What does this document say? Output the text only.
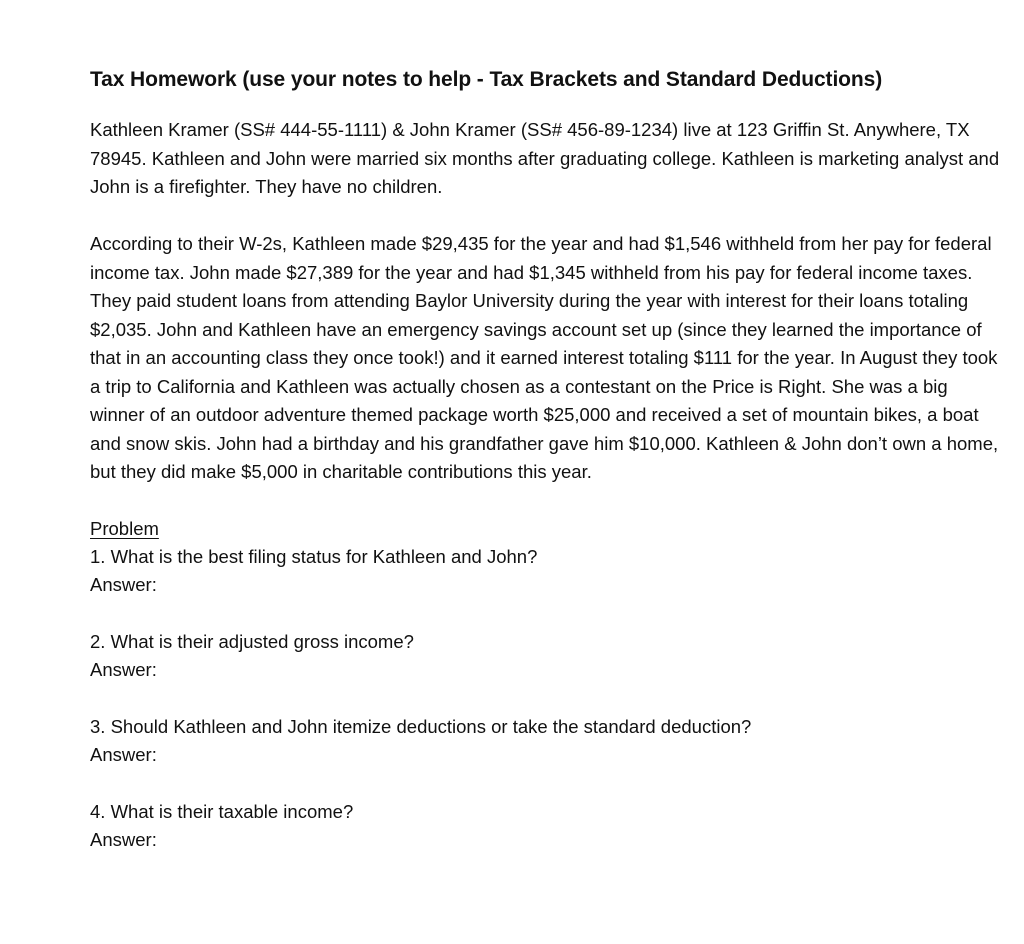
Tax Homework (use your notes to help - Tax Brackets and Standard Deductions)

Kathleen Kramer (SS# 444-55-1111) & John Kramer (SS# 456-89-1234) live at 123 Griffin St. Anywhere, TX 78945. Kathleen and John were married six months after graduating college. Kathleen is marketing analyst and John is a firefighter. They have no children.

According to their W-2s, Kathleen made $29,435 for the year and had $1,546 withheld from her pay for federal income tax. John made $27,389 for the year and had $1,345 withheld from his pay for federal income taxes. They paid student loans from attending Baylor University during the year with interest for their loans totaling $2,035. John and Kathleen have an emergency savings account set up (since they learned the importance of that in an accounting class they once took!) and it earned interest totaling $111 for the year. In August they took a trip to California and Kathleen was actually chosen as a contestant on the Price is Right. She was a big winner of an outdoor adventure themed package worth $25,000 and received a set of mountain bikes, a boat and snow skis. John had a birthday and his grandfather gave him $10,000. Kathleen & John don’t own a home, but they did make $5,000 in charitable contributions this year.

Problem
1. What is the best filing status for Kathleen and John?
Answer:
2. What is their adjusted gross income?
Answer:
3. Should Kathleen and John itemize deductions or take the standard deduction?
Answer:
4. What is their taxable income?
Answer:
